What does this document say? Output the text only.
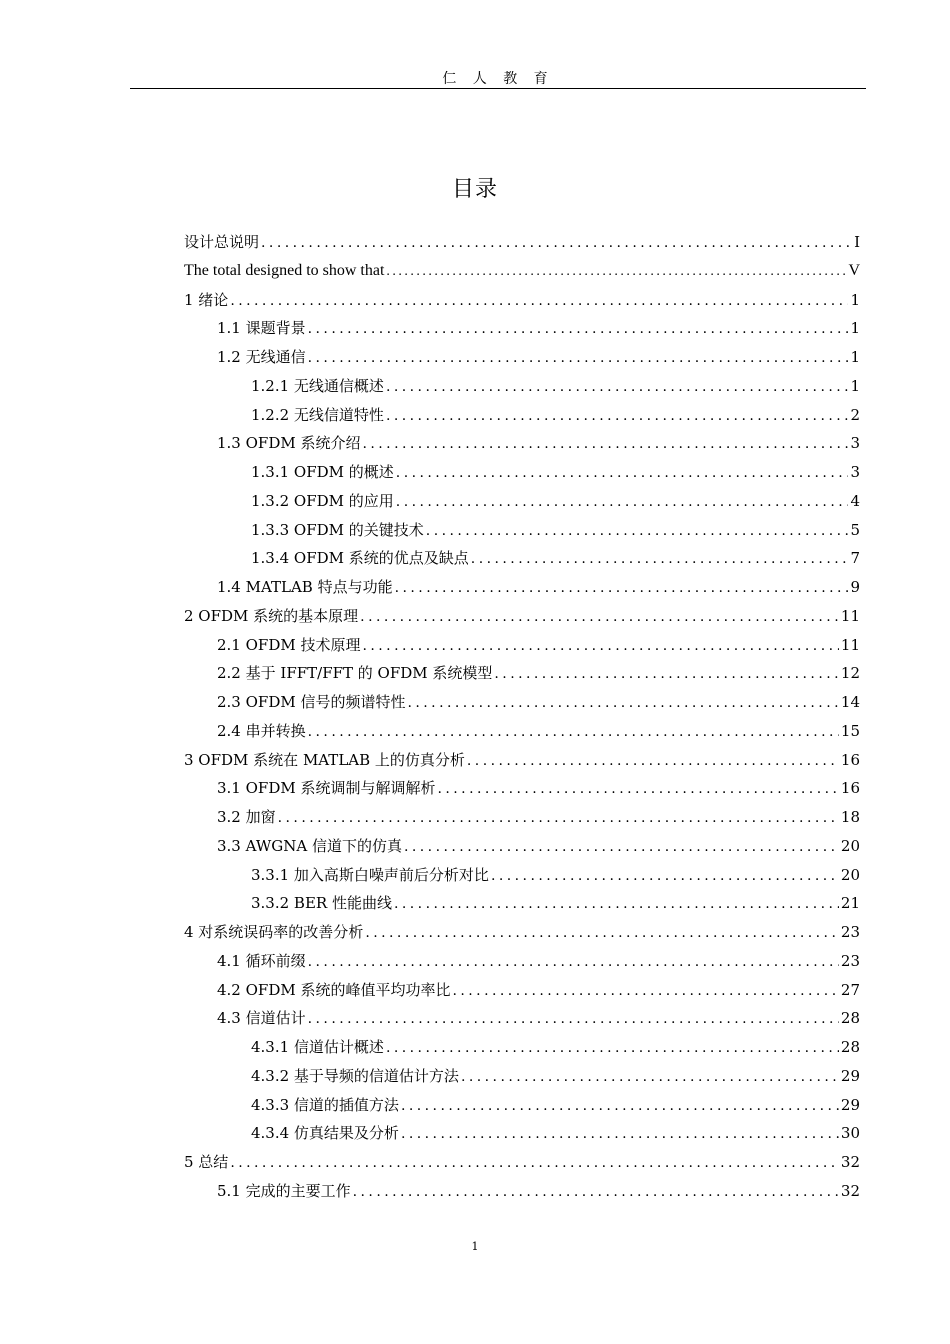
仁 人 教 育
目录
设计总说明 . . .	I
The total designed to show that . . .	V
1 绪论 . . .	1
1.1 课题背景 . . .	1
1.2 无线通信 . . .	1
1.2.1 无线通信概述 . . .	1
1.2.2 无线信道特性 . . .	2
1.3 OFDM 系统介绍 . . .	3
1.3.1 OFDM 的概述 . . .	3
1.3.2 OFDM 的应用 . . .	4
1.3.3 OFDM 的关键技术 . . .	5
1.3.4 OFDM 系统的优点及缺点 . . .	7
1.4 MATLAB 特点与功能 . . .	9
2 OFDM 系统的基本原理 . . .	11
2.1 OFDM 技术原理 . . .	11
2.2 基于 IFFT/FFT 的 OFDM 系统模型 . . .	12
2.3 OFDM 信号的频谱特性 . . .	14
2.4 串并转换 . . .	15
3 OFDM 系统在 MATLAB 上的仿真分析 . . .	16
3.1 OFDM 系统调制与解调解析 . . .	16
3.2 加窗 . . .	18
3.3 AWGNA 信道下的仿真 . . .	20
3.3.1 加入高斯白噪声前后分析对比 . . .	20
3.3.2 BER 性能曲线 . . .	21
4 对系统误码率的改善分析 . . .	23
4.1 循环前缀 . . .	23
4.2 OFDM 系统的峰值平均功率比 . . .	27
4.3 信道估计 . . .	28
4.3.1 信道估计概述 . . .	28
4.3.2 基于导频的信道估计方法 . . .	29
4.3.3 信道的插值方法 . . .	29
4.3.4 仿真结果及分析 . . .	30
5 总结 . . .	32
5.1 完成的主要工作 . . .	32
1
